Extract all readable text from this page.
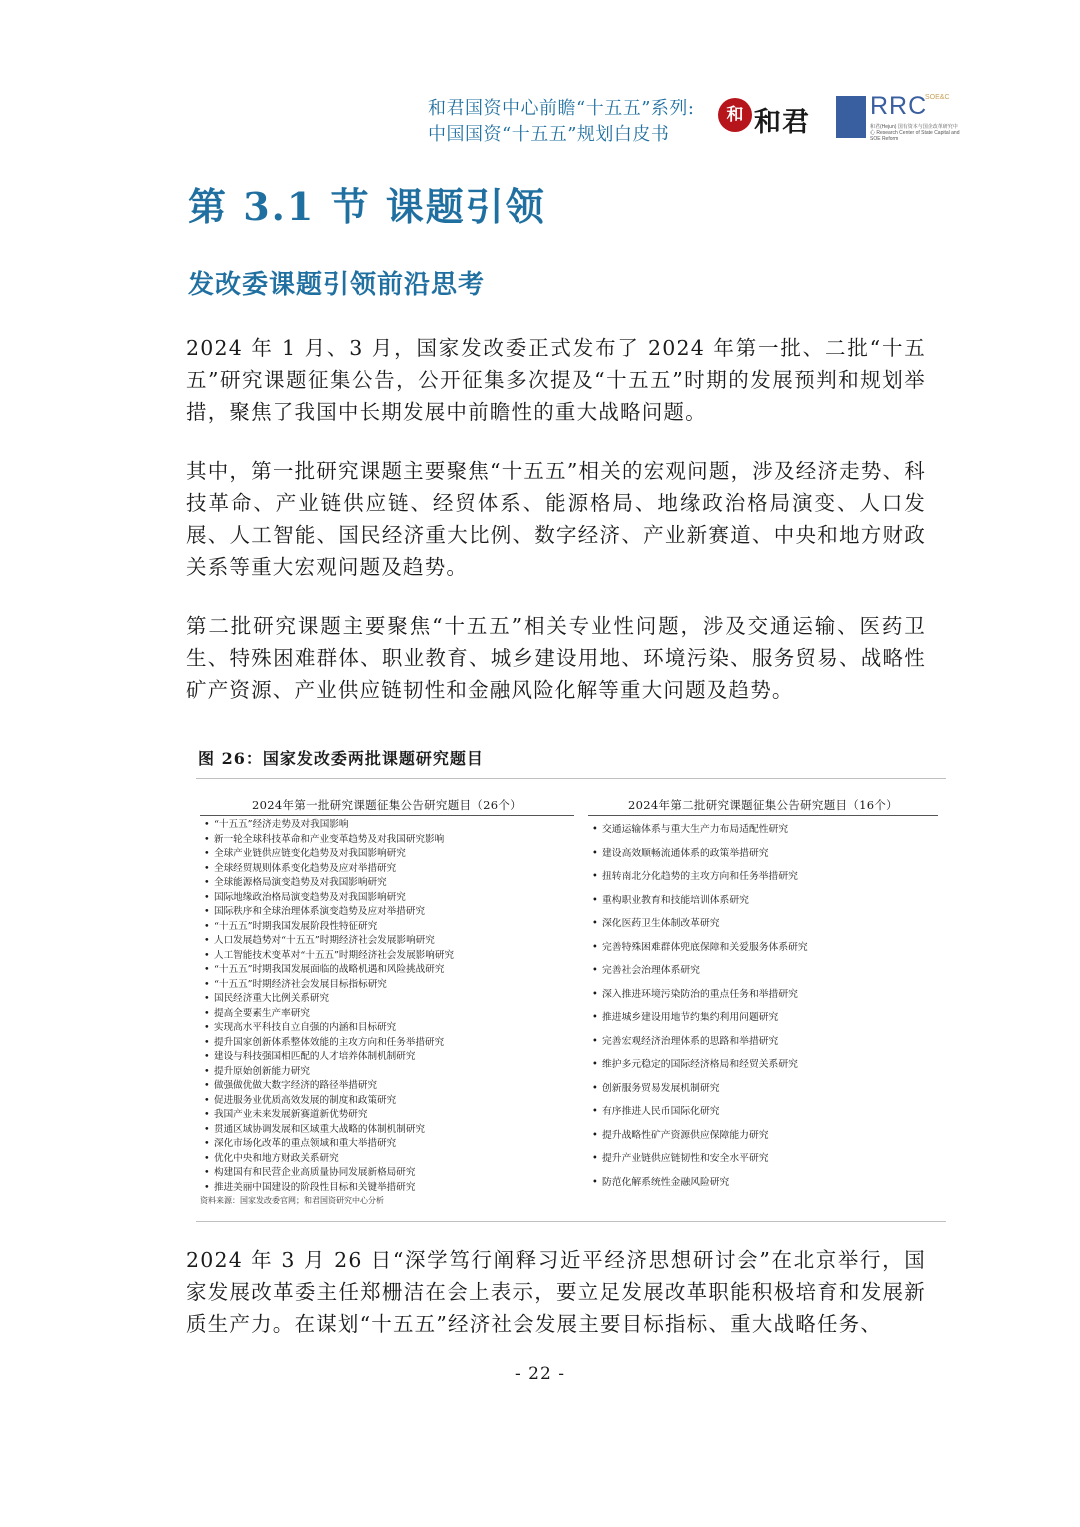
和君国资中心前瞻“十五五”系列:
中国国资“十五五”规划白皮书
和 和君
RRC
SOE&C
和君(Hejun) 国有资本与国企改革研究中心 Research Center of State Capital and SOE Reform
第 3.1 节 课题引领
发改委课题引领前沿思考

2024 年 1 月、3 月，国家发改委正式发布了 2024 年第一批、二批“十五五”研究课题征集公告，公开征集多次提及“十五五”时期的发展预判和规划举措，聚焦了我国中长期发展中前瞻性的重大战略问题。

其中，第一批研究课题主要聚焦“十五五”相关的宏观问题，涉及经济走势、科技革命、产业链供应链、经贸体系、能源格局、地缘政治格局演变、人口发展、人工智能、国民经济重大比例、数字经济、产业新赛道、中央和地方财政关系等重大宏观问题及趋势。

第二批研究课题主要聚焦“十五五”相关专业性问题，涉及交通运输、医药卫生、特殊困难群体、职业教育、城乡建设用地、环境污染、服务贸易、战略性矿产资源、产业供应链韧性和金融风险化解等重大问题及趋势。

图 26：国家发改委两批课题研究题目

2024年第一批研究课题征集公告研究题目（26个）
• “十五五”经济走势及对我国影响
• 新一轮全球科技革命和产业变革趋势及对我国研究影响
• 全球产业链供应链变化趋势及对我国影响研究
• 全球经贸规则体系变化趋势及应对举措研究
• 全球能源格局演变趋势及对我国影响研究
• 国际地缘政治格局演变趋势及对我国影响研究
• 国际秩序和全球治理体系演变趋势及应对举措研究
• “十五五”时期我国发展阶段性特征研究
• 人口发展趋势对“十五五”时期经济社会发展影响研究
• 人工智能技术变革对“十五五”时期经济社会发展影响研究
• “十五五”时期我国发展面临的战略机遇和风险挑战研究
• “十五五”时期经济社会发展目标指标研究
• 国民经济重大比例关系研究
• 提高全要素生产率研究
• 实现高水平科技自立自强的内涵和目标研究
• 提升国家创新体系整体效能的主攻方向和任务举措研究
• 建设与科技强国相匹配的人才培养体制机制研究
• 提升原始创新能力研究
• 做强做优做大数字经济的路径举措研究
• 促进服务业优质高效发展的制度和政策研究
• 我国产业未来发展新赛道新优势研究
• 贯通区域协调发展和区域重大战略的体制机制研究
• 深化市场化改革的重点领域和重大举措研究
• 优化中央和地方财政关系研究
• 构建国有和民营企业高质量协同发展新格局研究
• 推进美丽中国建设的阶段性目标和关键举措研究
资料来源：国家发改委官网；和君国资研究中心分析
2024年第二批研究课题征集公告研究题目（16个）
• 交通运输体系与重大生产力布局适配性研究
• 建设高效顺畅流通体系的政策举措研究
• 扭转南北分化趋势的主攻方向和任务举措研究
• 重构职业教育和技能培训体系研究
• 深化医药卫生体制改革研究
• 完善特殊困难群体兜底保障和关爱服务体系研究
• 完善社会治理体系研究
• 深入推进环境污染防治的重点任务和举措研究
• 推进城乡建设用地节约集约利用问题研究
• 完善宏观经济治理体系的思路和举措研究
• 维护多元稳定的国际经济格局和经贸关系研究
• 创新服务贸易发展机制研究
• 有序推进人民币国际化研究
• 提升战略性矿产资源供应保障能力研究
• 提升产业链供应链韧性和安全水平研究
• 防范化解系统性金融风险研究

2024 年 3 月 26 日“深学笃行阐释习近平经济思想研讨会”在北京举行，国家发展改革委主任郑栅洁在会上表示，要立足发展改革职能积极培育和发展新质生产力。在谋划“十五五”经济社会发展主要目标指标、重大战略任务、

- 22 -
